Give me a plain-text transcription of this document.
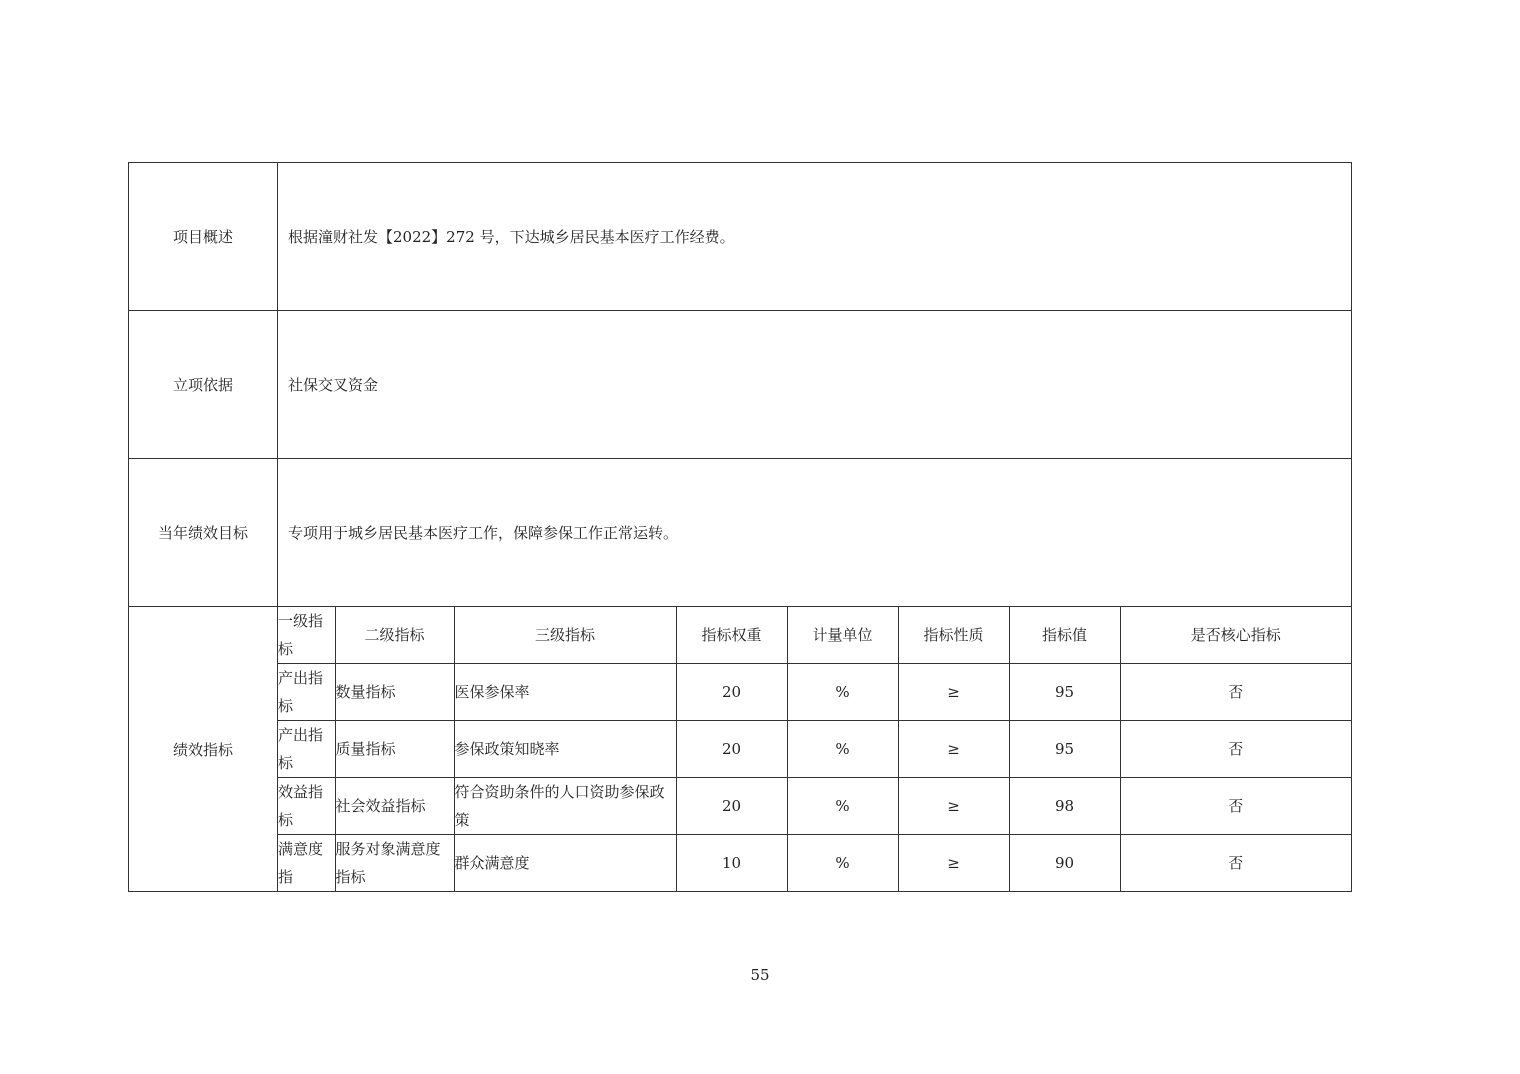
项目概述	根据潼财社发【2022】272 号，下达城乡居民基本医疗工作经费。
立项依据	社保交叉资金
当年绩效目标	专项用于城乡居民基本医疗工作，保障参保工作正常运转。
绩效指标	
一级指标	二级指标	三级指标	指标权重	计量单位	指标性质	指标值	是否核心指标
产出指标	数量指标	医保参保率	20	%	≥	95	否
产出指标	质量指标	参保政策知晓率	20	%	≥	95	否
效益指标	社会效益指标	符合资助条件的人口资助参保政策	20	%	≥	98	否
满意度指	服务对象满意度指标	群众满意度	10	%	≥	90	否
55
